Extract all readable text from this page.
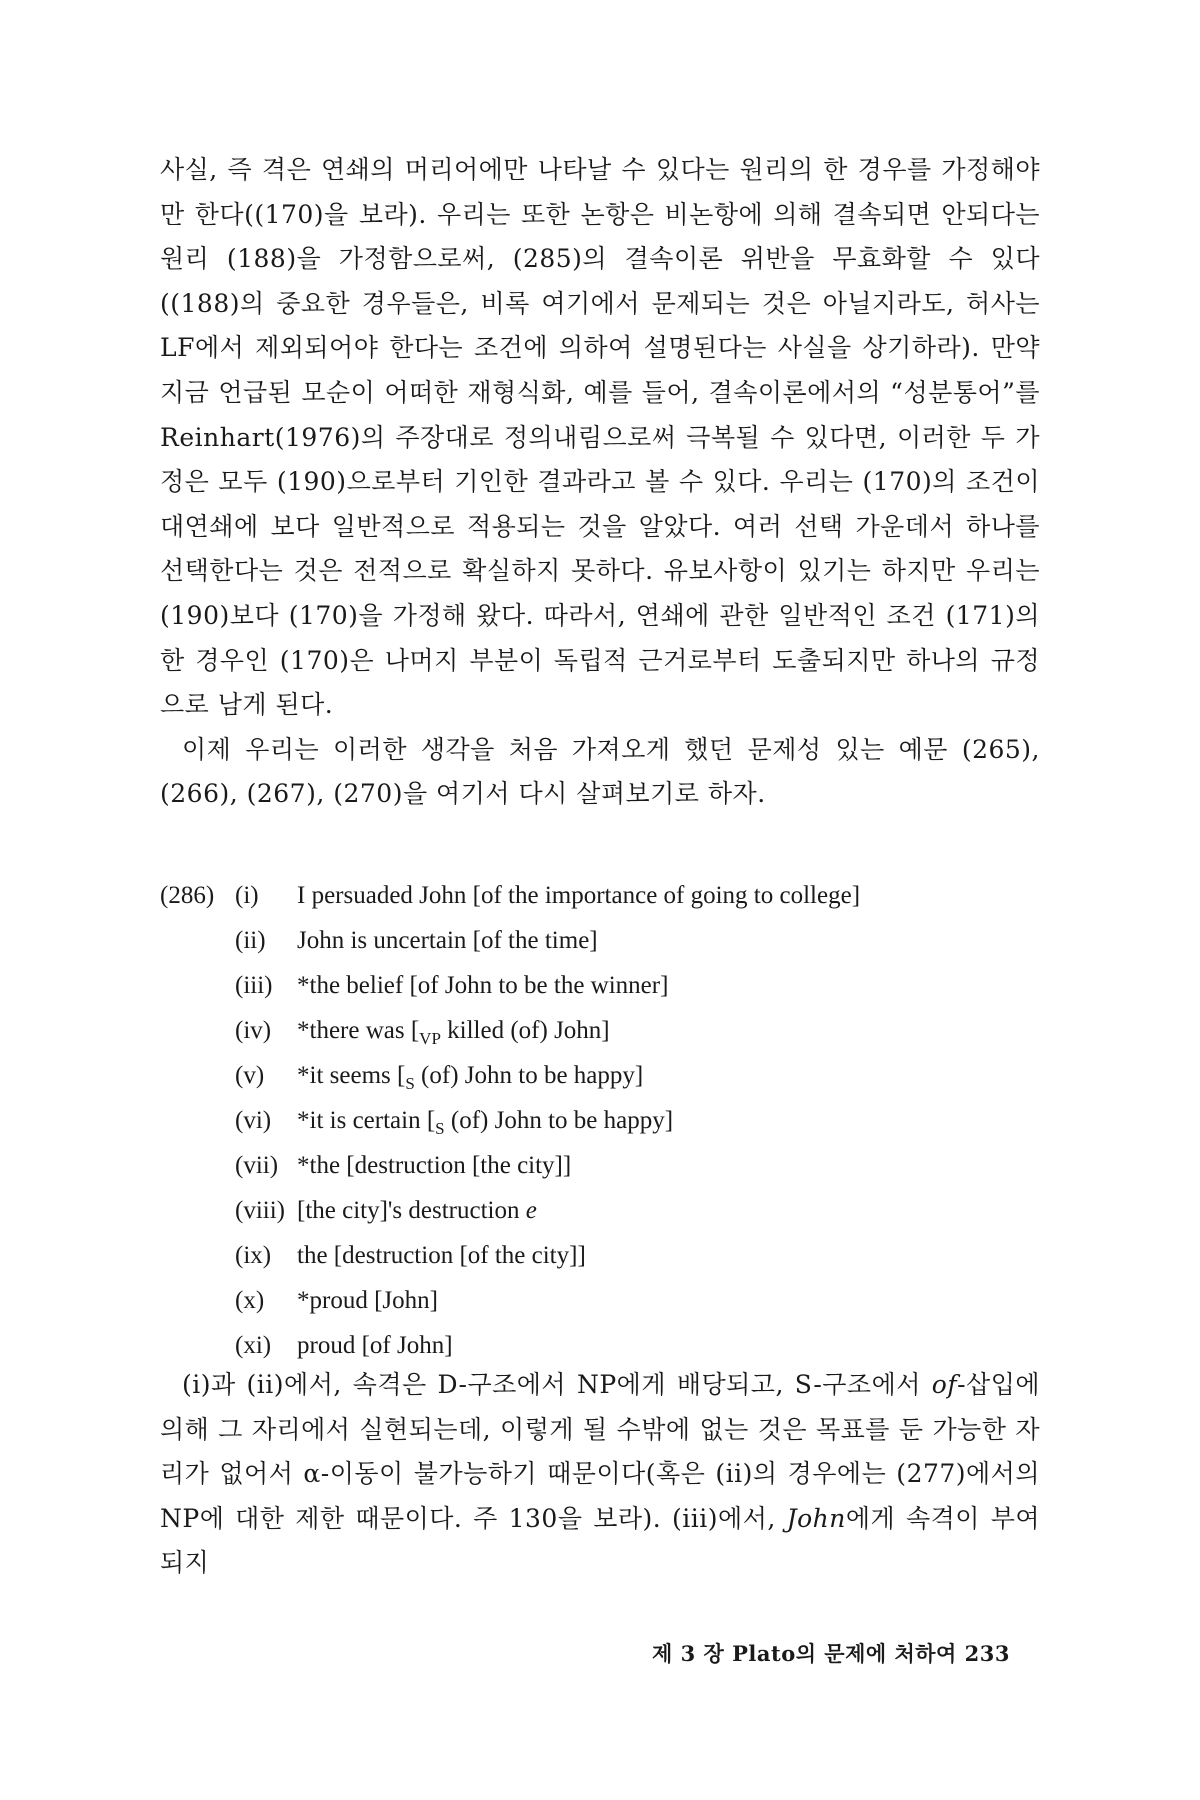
사실, 즉 격은 연쇄의 머리어에만 나타날 수 있다는 원리의 한 경우를 가정해야만 한다((170)을 보라). 우리는 또한 논항은 비논항에 의해 결속되면 안되다는 원리 (188)을 가정함으로써, (285)의 결속이론 위반을 무효화할 수 있다((188)의 중요한 경우들은, 비록 여기에서 문제되는 것은 아닐지라도, 허사는 LF에서 제외되어야 한다는 조건에 의하여 설명된다는 사실을 상기하라). 만약 지금 언급된 모순이 어떠한 재형식화, 예를 들어, 결속이론에서의 “성분통어”를 Reinhart(1976)의 주장대로 정의내림으로써 극복될 수 있다면, 이러한 두 가정은 모두 (190)으로부터 기인한 결과라고 볼 수 있다. 우리는 (170)의 조건이 대연쇄에 보다 일반적으로 적용되는 것을 알았다. 여러 선택 가운데서 하나를 선택한다는 것은 전적으로 확실하지 못하다. 유보사항이 있기는 하지만 우리는 (190)보다 (170)을 가정해 왔다. 따라서, 연쇄에 관한 일반적인 조건 (171)의 한 경우인 (170)은 나머지 부분이 독립적 근거로부터 도출되지만 하나의 규정으로 남게 된다.

이제 우리는 이러한 생각을 처음 가져오게 했던 문제성 있는 예문 (265), (266), (267), (270)을 여기서 다시 살펴보기로 하자.

(286) (i) I persuaded John [of the importance of going to college]
(ii) John is uncertain [of the time]
(iii) *the belief [of John to be the winner]
(iv) *there was [$_{VP}$ killed (of) John]
(v) *it seems [$_S$ (of) John to be happy]
(vi) *it is certain [$_S$ (of) John to be happy]
(vii) *the [destruction [the city]]
(viii) [the city]'s destruction e
(ix) the [destruction [of the city]]
(x) *proud [John]
(xi) proud [of John]

(i)과 (ii)에서, 속격은 D-구조에서 NP에게 배당되고, S-구조에서 of-삽입에 의해 그 자리에서 실현되는데, 이렇게 될 수밖에 없는 것은 목표를 둔 가능한 자리가 없어서 α-이동이 불가능하기 때문이다(혹은 (ii)의 경우에는 (277)에서의 NP에 대한 제한 때문이다. 주 130을 보라). (iii)에서, John에게 속격이 부여되지

제 3 장 Plato의 문제에 처하여 233
